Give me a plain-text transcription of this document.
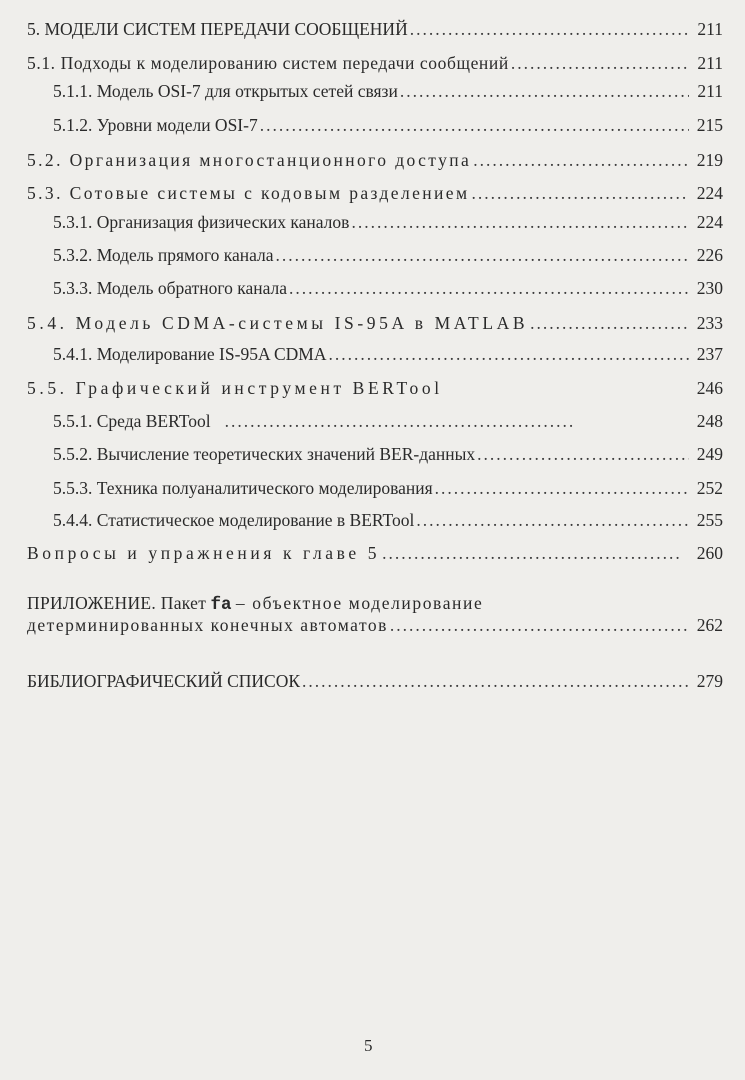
5. МОДЕЛИ СИСТЕМ ПЕРЕДАЧИ СООБЩЕНИЙ .....	211
5.1. Подходы к моделированию систем передачи сообщений .....	211
5.1.1. Модель OSI-7 для открытых сетей связи .....	211
5.1.2. Уровни модели OSI-7 .....	215
5.2. Организация многостанционного доступа .....	219
5.3. Сотовые системы с кодовым разделением .....	224
5.3.1. Организация физических каналов .....	224
5.3.2. Модель прямого канала .....	226
5.3.3. Модель обратного канала .....	230
5.4. Модель CDMA-системы IS-95A в MATLAB .....	233
5.4.1. Моделирование IS-95A CDMA .....	237
5.5. Графический инструмент BERTool	246
5.5.1. Среда BERTool .....	248
5.5.2. Вычисление теоретических значений BER-данных .....	249
5.5.3. Техника полуаналитического моделирования .....	252
5.4.4. Статистическое моделирование в BERTool .....	255
Вопросы и упражнения к главе 5 .....	260
ПРИЛОЖЕНИЕ. Пакет fa – объектное моделирование
детерминированных конечных автоматов .....	262
БИБЛИОГРАФИЧЕСКИЙ СПИСОК .....	279
5
